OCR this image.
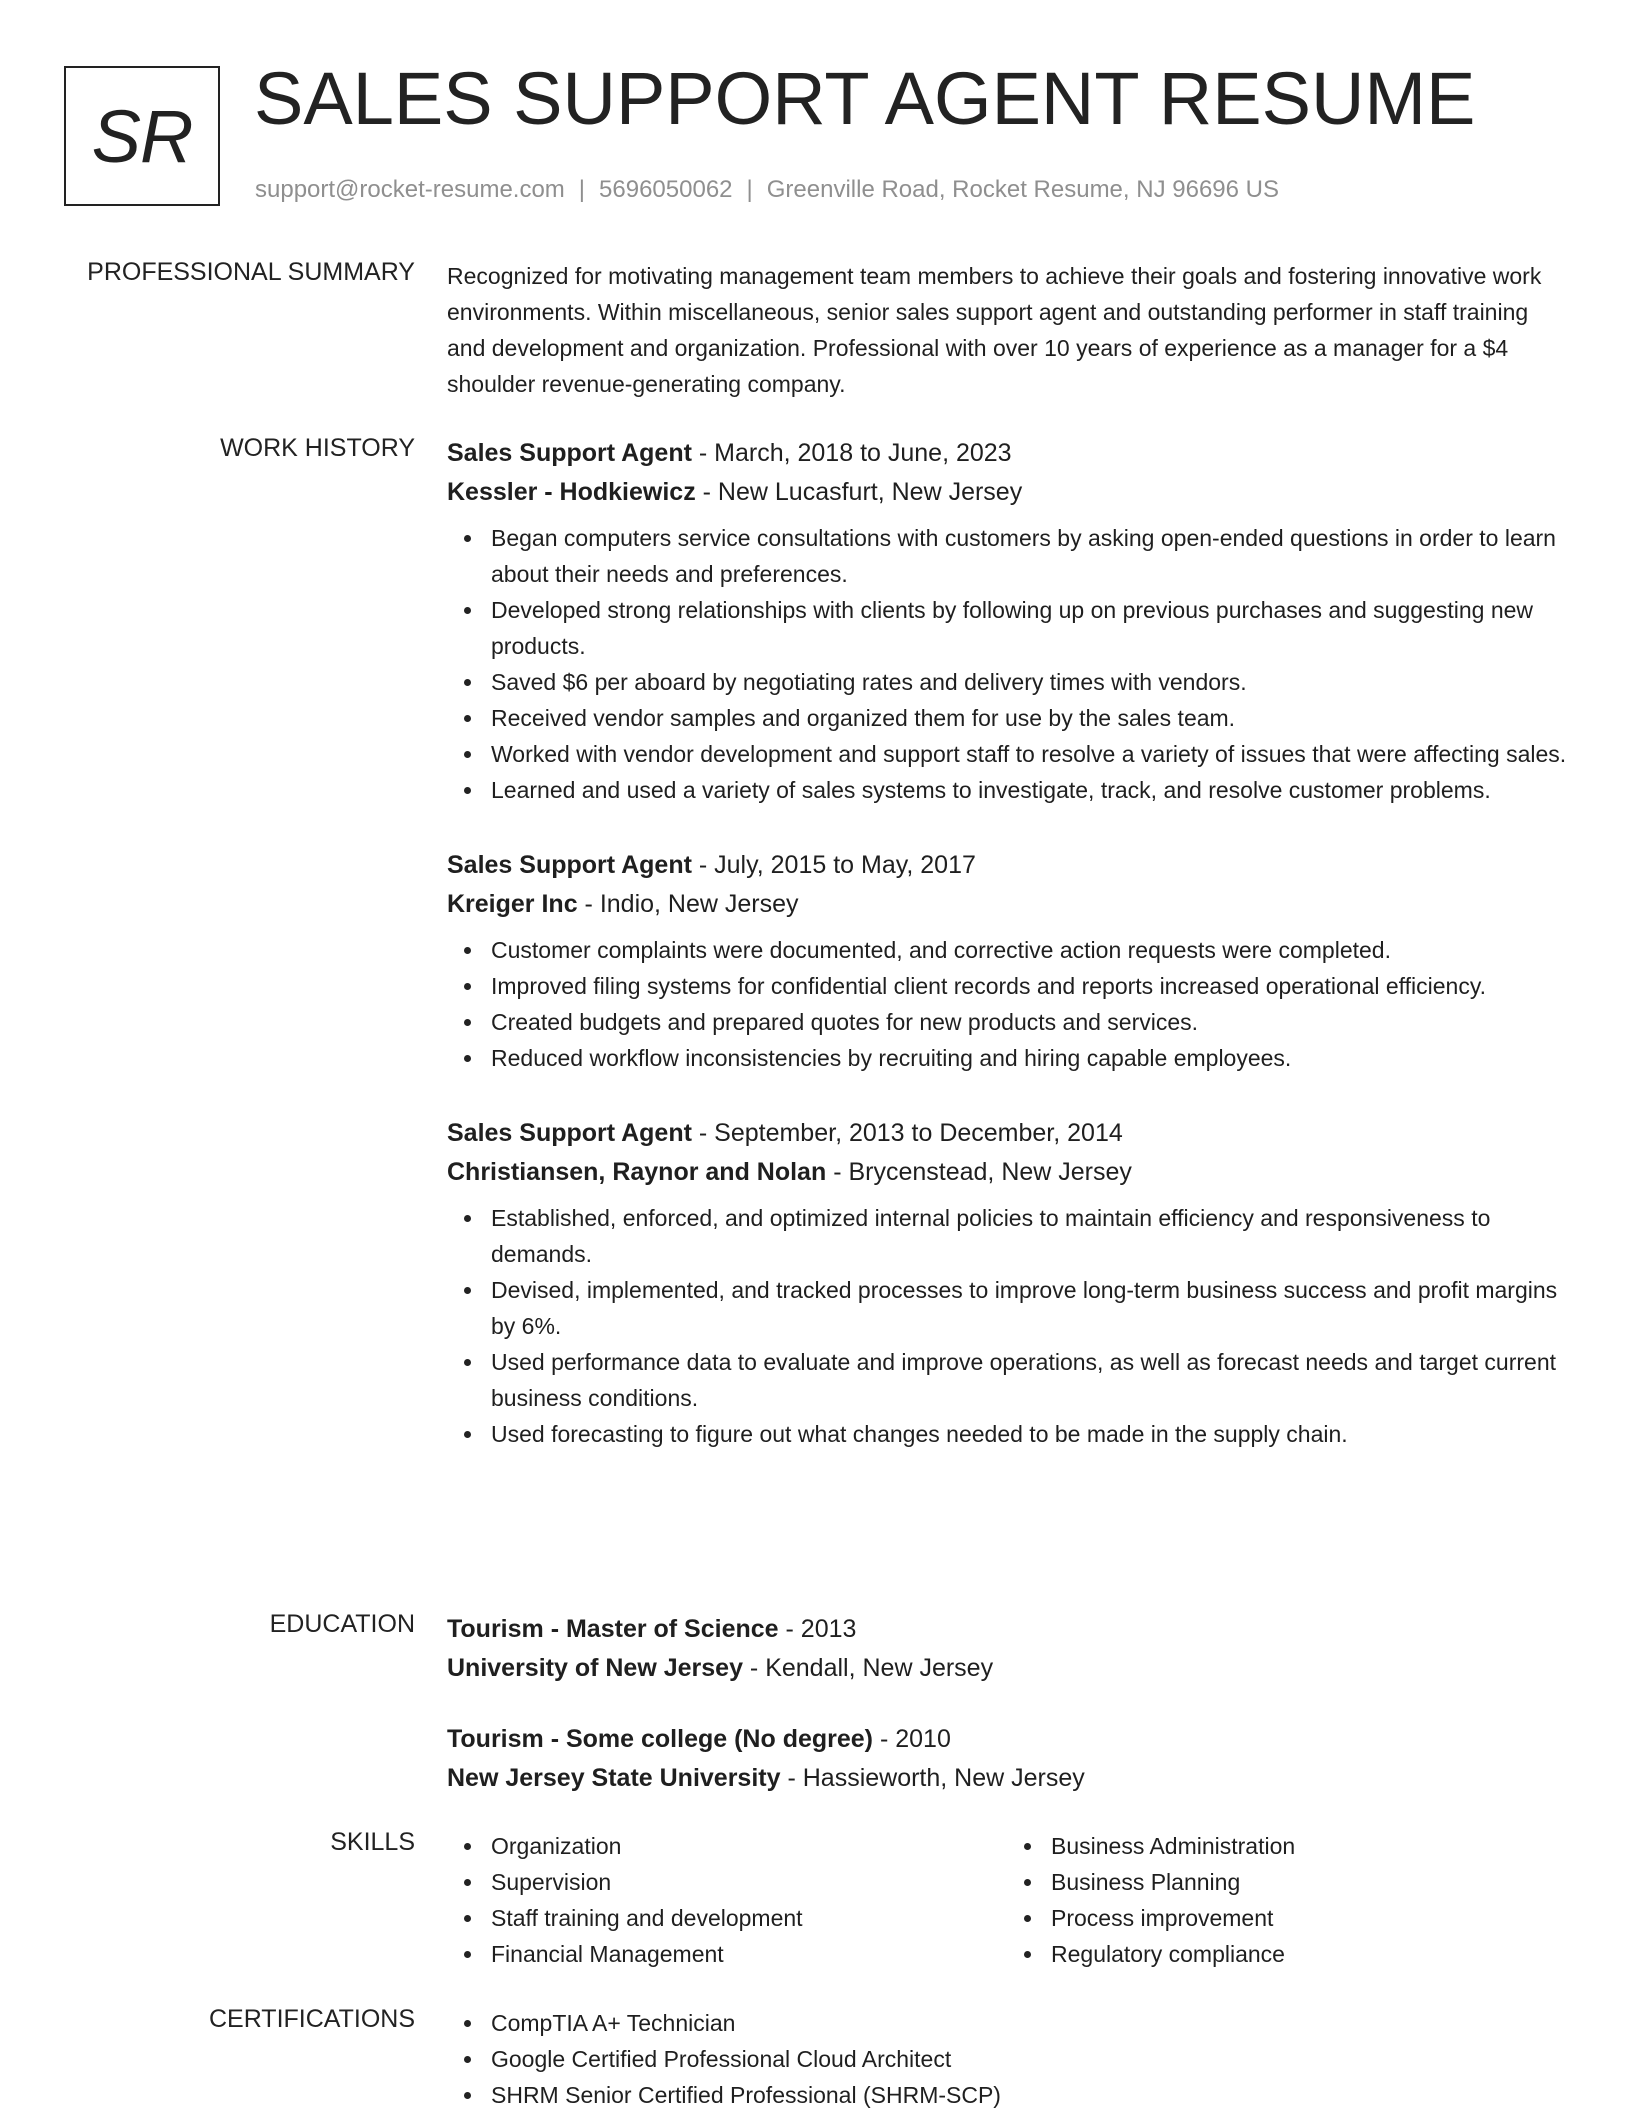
SR SALES SUPPORT AGENT RESUME
support@rocket-resume.com | 5696050062 | Greenville Road, Rocket Resume, NJ 96696 US
PROFESSIONAL SUMMARY Recognized for motivating management team members to achieve their goals and fostering innovative work environments. Within miscellaneous, senior sales support agent and outstanding performer in staff training and development and organization. Professional with over 10 years of experience as a manager for a $4 shoulder revenue-generating company.

WORK HISTORY Sales Support Agent - March, 2018 to June, 2023
Kessler - Hodkiewicz - New Lucasfurt, New Jersey
Began computers service consultations with customers by asking open-ended questions in order to learn about their needs and preferences.
Developed strong relationships with clients by following up on previous purchases and suggesting new products.
Saved $6 per aboard by negotiating rates and delivery times with vendors.
Received vendor samples and organized them for use by the sales team.
Worked with vendor development and support staff to resolve a variety of issues that were affecting sales.
Learned and used a variety of sales systems to investigate, track, and resolve customer problems.
Sales Support Agent - July, 2015 to May, 2017
Kreiger Inc - Indio, New Jersey
Customer complaints were documented, and corrective action requests were completed.
Improved filing systems for confidential client records and reports increased operational efficiency.
Created budgets and prepared quotes for new products and services.
Reduced workflow inconsistencies by recruiting and hiring capable employees.
Sales Support Agent - September, 2013 to December, 2014
Christiansen, Raynor and Nolan - Brycenstead, New Jersey
Established, enforced, and optimized internal policies to maintain efficiency and responsiveness to demands.
Devised, implemented, and tracked processes to improve long-term business success and profit margins by 6%.
Used performance data to evaluate and improve operations, as well as forecast needs and target current business conditions.
Used forecasting to figure out what changes needed to be made in the supply chain.
EDUCATION Tourism - Master of Science - 2013
University of New Jersey - Kendall, New Jersey
Tourism - Some college (No degree) - 2010
New Jersey State University - Hassieworth, New Jersey
SKILLS	Organization
Supervision
Staff training and development
Financial Management
Business Administration
Business Planning
Process improvement
Regulatory compliance
CERTIFICATIONS	CompTIA A+ Technician
Google Certified Professional Cloud Architect
SHRM Senior Certified Professional (SHRM-SCP)
